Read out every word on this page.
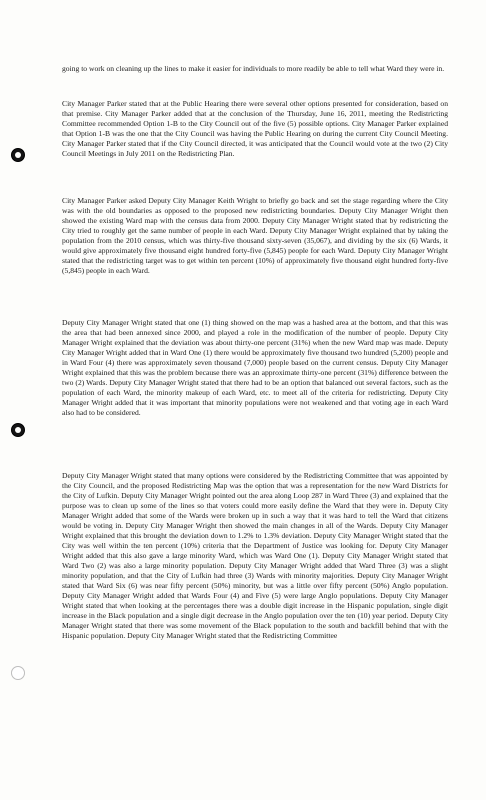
going to work on cleaning up the lines to make it easier for individuals to more readily be able to tell what Ward they were in.

City Manager Parker stated that at the Public Hearing there were several other options presented for consideration, based on that premise. City Manager Parker added that at the conclusion of the Thursday, June 16, 2011, meeting the Redistricting Committee recommended Option 1-B to the City Council out of the five (5) possible options. City Manager Parker explained that Option 1-B was the one that the City Council was having the Public Hearing on during the current City Council Meeting. City Manager Parker stated that if the City Council directed, it was anticipated that the Council would vote at the two (2) City Council Meetings in July 2011 on the Redistricting Plan.

City Manager Parker asked Deputy City Manager Keith Wright to briefly go back and set the stage regarding where the City was with the old boundaries as opposed to the proposed new redistricting boundaries. Deputy City Manager Wright then showed the existing Ward map with the census data from 2000. Deputy City Manager Wright stated that by redistricting the City tried to roughly get the same number of people in each Ward. Deputy City Manager Wright explained that by taking the population from the 2010 census, which was thirty-five thousand sixty-seven (35,067), and dividing by the six (6) Wards, it would give approximately five thousand eight hundred forty-five (5,845) people for each Ward. Deputy City Manager Wright stated that the redistricting target was to get within ten percent (10%) of approximately five thousand eight hundred forty-five (5,845) people in each Ward.

Deputy City Manager Wright stated that one (1) thing showed on the map was a hashed area at the bottom, and that this was the area that had been annexed since 2000, and played a role in the modification of the number of people. Deputy City Manager Wright explained that the deviation was about thirty-one percent (31%) when the new Ward map was made. Deputy City Manager Wright added that in Ward One (1) there would be approximately five thousand two hundred (5,200) people and in Ward Four (4) there was approximately seven thousand (7,000) people based on the current census. Deputy City Manager Wright explained that this was the problem because there was an approximate thirty-one percent (31%) difference between the two (2) Wards. Deputy City Manager Wright stated that there had to be an option that balanced out several factors, such as the population of each Ward, the minority makeup of each Ward, etc. to meet all of the criteria for redistricting. Deputy City Manager Wright added that it was important that minority populations were not weakened and that voting age in each Ward also had to be considered.

Deputy City Manager Wright stated that many options were considered by the Redistricting Committee that was appointed by the City Council, and the proposed Redistricting Map was the option that was a representation for the new Ward Districts for the City of Lufkin. Deputy City Manager Wright pointed out the area along Loop 287 in Ward Three (3) and explained that the purpose was to clean up some of the lines so that voters could more easily define the Ward that they were in. Deputy City Manager Wright added that some of the Wards were broken up in such a way that it was hard to tell the Ward that citizens would be voting in. Deputy City Manager Wright then showed the main changes in all of the Wards. Deputy City Manager Wright explained that this brought the deviation down to 1.2% to 1.3% deviation. Deputy City Manager Wright stated that the City was well within the ten percent (10%) criteria that the Department of Justice was looking for. Deputy City Manager Wright added that this also gave a large minority Ward, which was Ward One (1). Deputy City Manager Wright stated that Ward Two (2) was also a large minority population. Deputy City Manager Wright added that Ward Three (3) was a slight minority population, and that the City of Lufkin had three (3) Wards with minority majorities. Deputy City Manager Wright stated that Ward Six (6) was near fifty percent (50%) minority, but was a little over fifty percent (50%) Anglo population. Deputy City Manager Wright added that Wards Four (4) and Five (5) were large Anglo populations. Deputy City Manager Wright stated that when looking at the percentages there was a double digit increase in the Hispanic population, single digit increase in the Black population and a single digit decrease in the Anglo population over the ten (10) year period. Deputy City Manager Wright stated that there was some movement of the Black population to the south and backfill behind that with the Hispanic population. Deputy City Manager Wright stated that the Redistricting Committee
